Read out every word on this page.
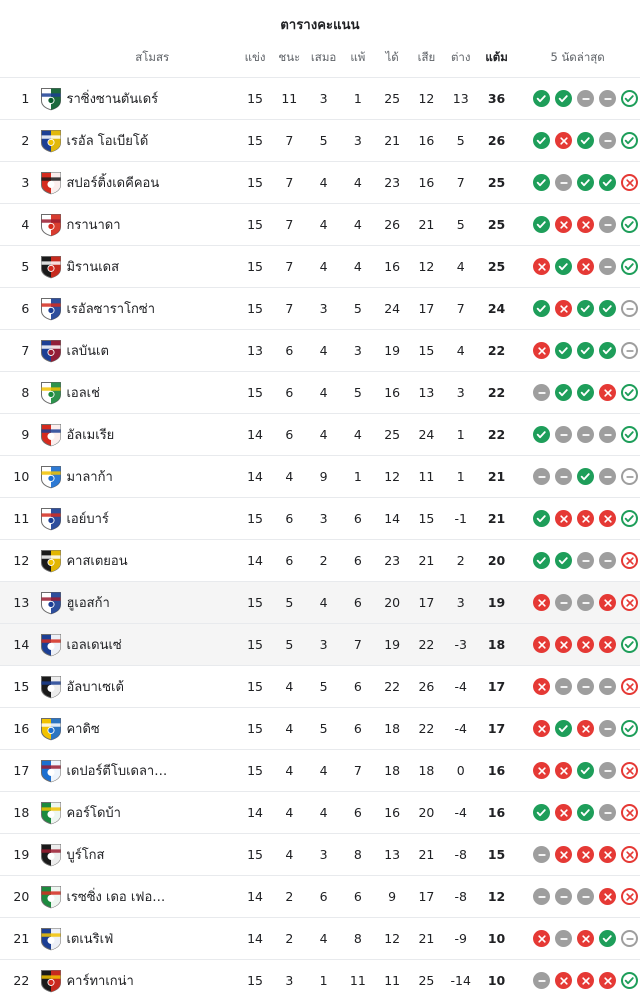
ตารางคะแนน
		สโมสร	แข่ง	ชนะ	เสมอ	แพ้	ได้	เสีย	ต่าง	แต้ม	5 นัดล่าสุด
1		ราซิ่งซานตันเดร์	15	11	3	1	25	12	13	36	

2		เรอัล โอเบียโด้	15	7	5	3	21	16	5	26	

3		สปอร์ติ้งเดคีคอน	15	7	4	4	23	16	7	25	

4		กรานาดา	15	7	4	4	26	21	5	25	

5		มิรานเดส	15	7	4	4	16	12	4	25	

6		เรอัลซาราโกซ่า	15	7	3	5	24	17	7	24	

7		เลบันเต	13	6	4	3	19	15	4	22	

8		เอลเช่	15	6	4	5	16	13	3	22	

9		อัลเมเรีย	14	6	4	4	25	24	1	22	

10		มาลาก้า	14	4	9	1	12	11	1	21	

11		เอย์บาร์	15	6	3	6	14	15	-1	21	

12		คาสเตยอน	14	6	2	6	23	21	2	20	

13		ฮูเอสก้า	15	5	4	6	20	17	3	19	

14		เอลเดนเซ่	15	5	3	7	19	22	-3	18	

15		อัลบาเซเต้	15	4	5	6	22	26	-4	17	

16		คาดิซ	15	4	5	6	18	22	-4	17	

17		เดปอร์ตีโบเดลา…	15	4	4	7	18	18	0	16	

18		คอร์โดบ้า	14	4	4	6	16	20	-4	16	

19		บูร์โกส	15	4	3	8	13	21	-8	15	

20		เรซซิ่ง เดอ เฟอ…	14	2	6	6	9	17	-8	12	

21		เตเนริเฟ่	14	2	4	8	12	21	-9	10	

22		คาร์ทาเกน่า	15	3	1	11	11	25	-14	10	
